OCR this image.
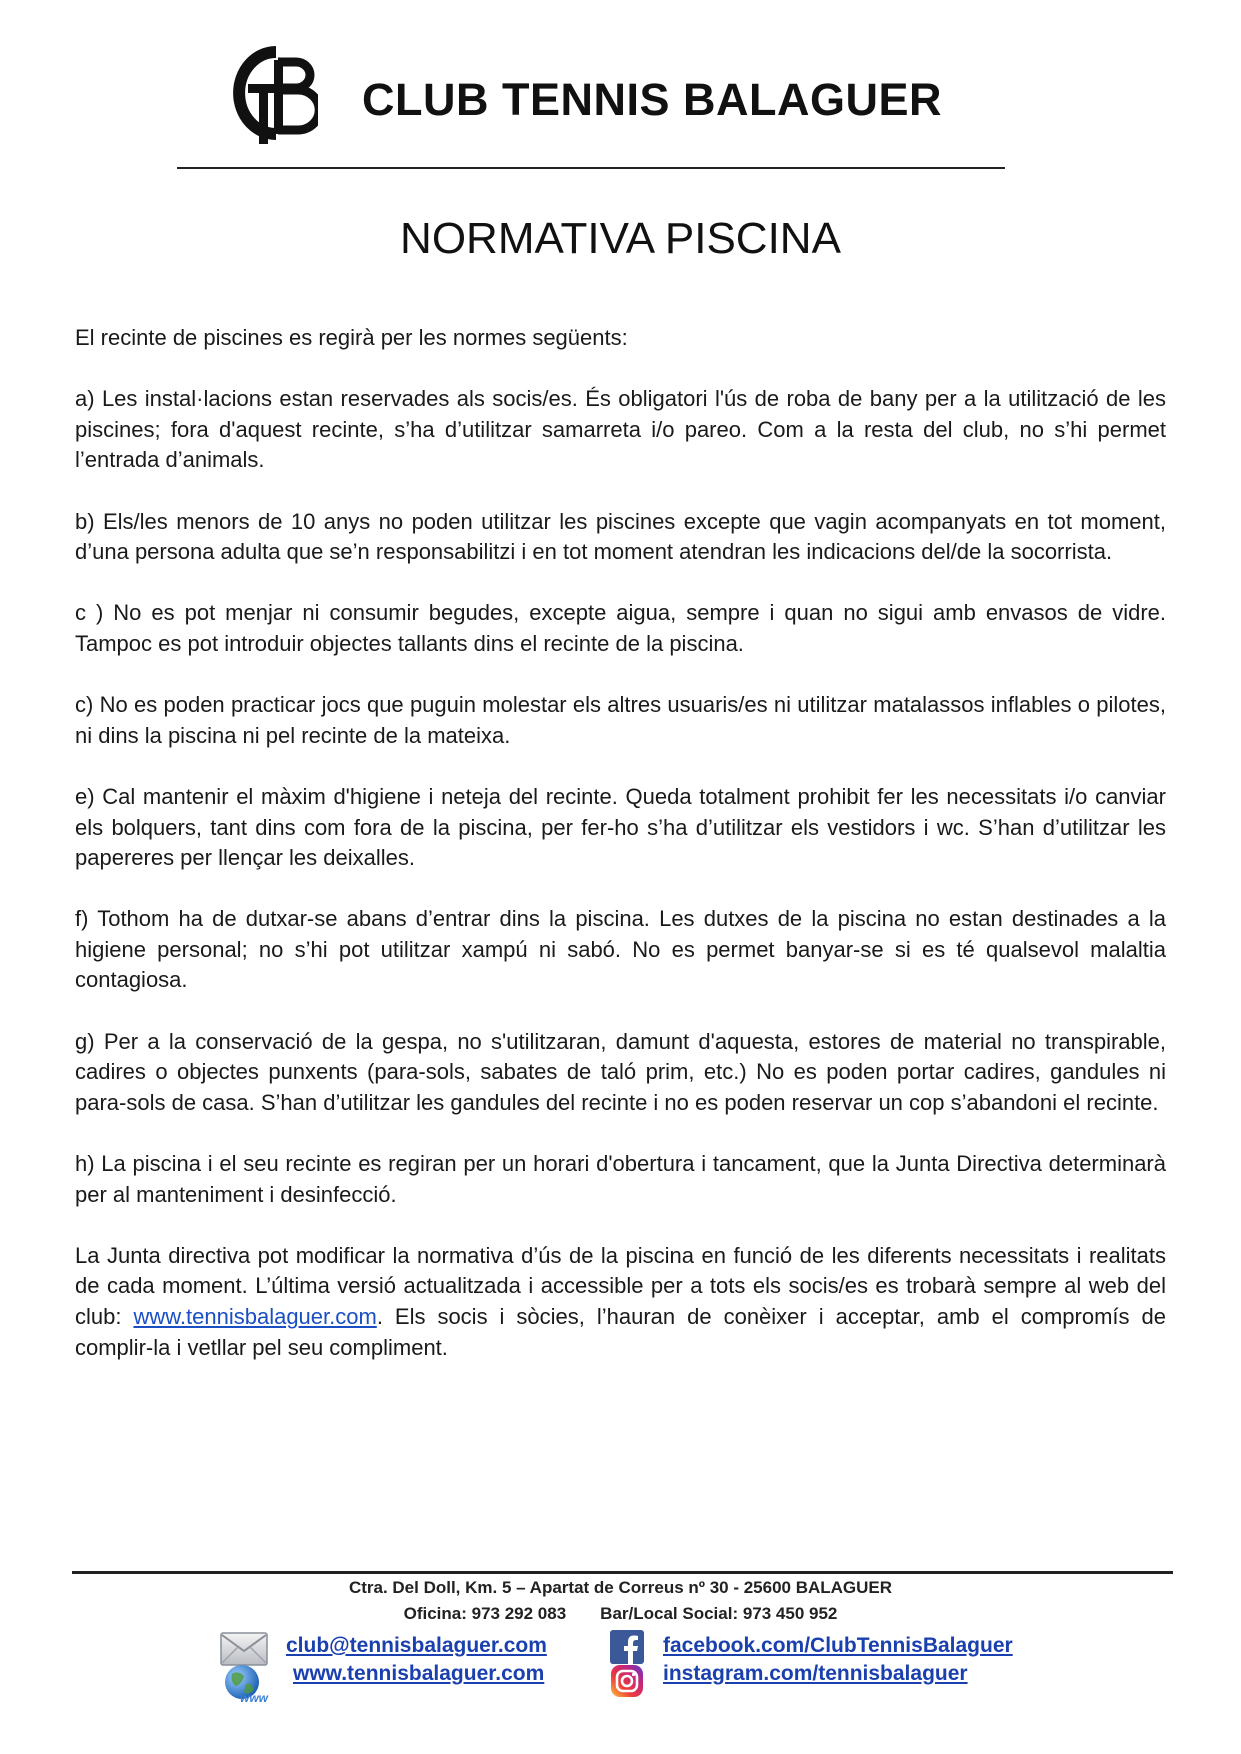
CLUB TENNIS BALAGUER
NORMATIVA PISCINA

El recinte de piscines es regirà per les normes següents:

a) Les instal·lacions estan reservades als socis/es. És obligatori l'ús de roba de bany per a la utilització de les piscines; fora d'aquest recinte, s’ha d’utilitzar samarreta i/o pareo. Com a la resta del club, no s’hi permet l’entrada d’animals.

b) Els/les menors de 10 anys no poden utilitzar les piscines excepte que vagin acompanyats en tot moment, d’una persona adulta que se’n responsabilitzi i en tot moment atendran les indicacions del/de la socorrista.

c ) No es pot menjar ni consumir begudes, excepte aigua, sempre i quan no sigui amb envasos de vidre. Tampoc es pot introduir objectes tallants dins el recinte de la piscina.

c) No es poden practicar jocs que puguin molestar els altres usuaris/es ni utilitzar matalassos inflables o pilotes, ni dins la piscina ni pel recinte de la mateixa.

e) Cal mantenir el màxim d'higiene i neteja del recinte. Queda totalment prohibit fer les necessitats i/o canviar els bolquers, tant dins com fora de la piscina, per fer-ho s’ha d’utilitzar els vestidors i wc. S’han d’utilitzar les papereres per llençar les deixalles.

f) Tothom ha de dutxar-se abans d’entrar dins la piscina. Les dutxes de la piscina no estan destinades a la higiene personal; no s’hi pot utilitzar xampú ni sabó. No es permet banyar-se si es té qualsevol malaltia contagiosa.

g) Per a la conservació de la gespa, no s'utilitzaran, damunt d'aquesta, estores de material no transpirable, cadires o objectes punxents (para-sols, sabates de taló prim, etc.) No es poden portar cadires, gandules ni para-sols de casa. S’han d’utilitzar les gandules del recinte i no es poden reservar un cop s’abandoni el recinte.

h) La piscina i el seu recinte es regiran per un horari d'obertura i tancament, que la Junta Directiva determinarà per al manteniment i desinfecció.

La Junta directiva pot modificar la normativa d’ús de la piscina en funció de les diferents necessitats i realitats de cada moment. L’última versió actualitzada i accessible per a tots els socis/es es trobarà sempre al web del club: www.tennisbalaguer.com. Els socis i sòcies, l’hauran de conèixer i acceptar, amb el compromís de complir-la i vetllar pel seu compliment.

Ctra. Del Doll, Km. 5 – Apartat de Correus nº 30 - 25600 BALAGUER
Oficina: 973 292 083 Bar/Local Social: 973 450 952
www
club@tennisbalaguer.com
www.tennisbalaguer.com
facebook.com/ClubTennisBalaguer
instagram.com/tennisbalaguer
